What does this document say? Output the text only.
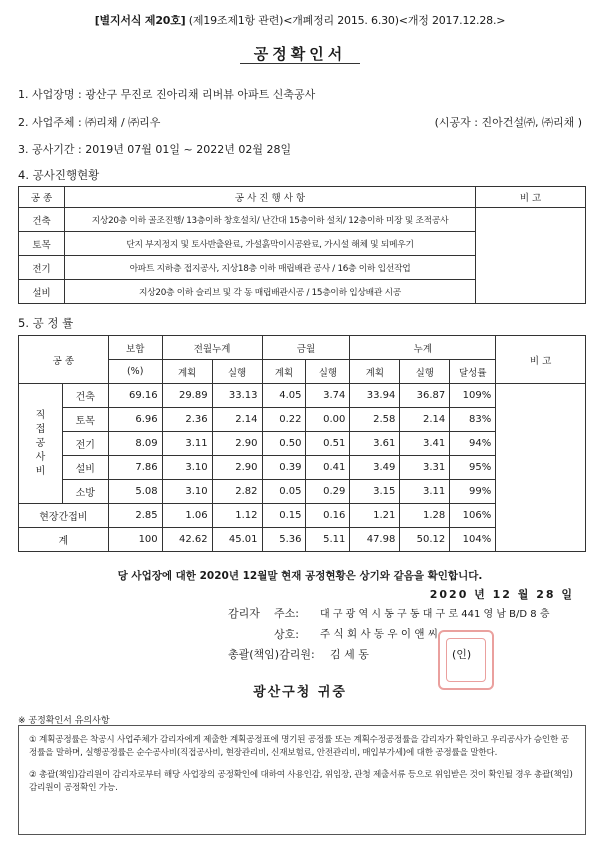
[별지서식 제20호] (제19조제1항 관련)<개폐정리 2015. 6.30)<개정 2017.12.28.>
공정확인서
1. 사업장명 : 광산구 무진로 진아리채 리버뷰 아파트 신축공사
2. 사업주체 : ㈜리채 / ㈜리우	(시공자 : 진아건설㈜, ㈜리채 )
3. 공사기간 : 2019년 07월 01일 ~ 2022년 02월 28일
4. 공사진행현황
공 종	공 사 진 행 사 항	비 고
건축	지상20층 이하 골조진행/ 13층이하 창호설치/ 난간대 15층이하 설치/ 12층이하 미장 및 조적공사	
토목	단지 부지정지 및 토사반출완료, 가설흙막이시공완료, 가시설 해체 및 되메우기	
전기	아파트 지하층 접지공사, 지상18층 이하 매립배관 공사 / 16층 이하 입선작업	
설비	지상20층 이하 슬리브 및 각 동 매립배관시공 / 15층이하 입상배관 시공	
5. 공 정 률
공 종		보합	전월누계		금월		누계			비 고
		(%)	계획	실행	계획	실행	계획	실행	달성률	

직
접
공
사
비	건축	69.16	29.89	33.13	4.05	3.74	33.94	36.87	109%	
	토목	6.96	2.36	2.14	0.22	0.00	2.58	2.14	83%	
	전기	8.09	3.11	2.90	0.50	0.51	3.61	3.41	94%	
	설비	7.86	3.10	2.90	0.39	0.41	3.49	3.31	95%	
	소방	5.08	3.10	2.82	0.05	0.29	3.15	3.11	99%	
현장간접비		2.85	1.06	1.12	0.15	0.16	1.21	1.28	106%	
계		100	42.62	45.01	5.36	5.11	47.98	50.12	104%	
당 사업장에 대한 2020년 12월말 현재 공정현황은 상기와 같음을 확인합니다.
2020 년 12 월 28 일
감리자 주소: 대 구 광 역 시 동 구 동 대 구 로 441 영 남 B/D 8 층
상호: 주 식 회 사 동 우 이 앤 씨
총괄(책임)감리원: 김 세 동	(인)
광산구청 귀중
※ 공정확인서 유의사항

① 계획공정률은 착공시 사업주체가 감리자에게 제출한 계획공정표에 명기된 공정률 또는 계획수정공정률을 감리자가 확인하고 우리공사가 승인한 공정률을 말하며, 실행공정률은 순수공사비(직접공사비, 현장관리비, 신재보험료, 안전관리비, 매입부가세)에 대한 공정률을 말한다.

② 총괄(책임)감리원이 감리자로부터 해당 사업장의 공정확인에 대하여 사용인감, 위임장, 관청 제출서류 등으로 위임받은 것이 확인될 경우 총괄(책임)감리원이 공정확인 가능.
